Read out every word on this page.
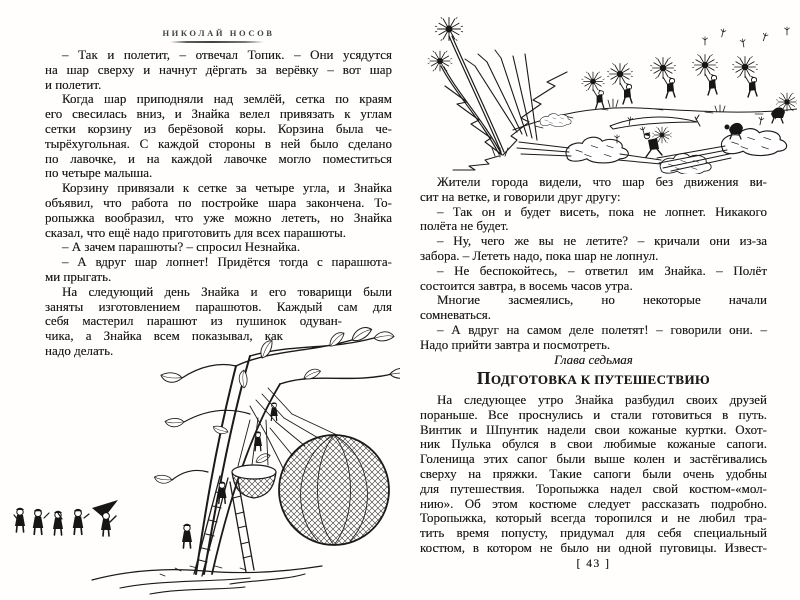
НИКОЛАЙ НОСОВ
– Так и полетит, – отвечал Топик. – Они усядутся
на шар сверху и начнут дёргать за верёвку – вот шар
и полетит.
Когда шар приподняли над землёй, сетка по краям
его свесилась вниз, и Знайка велел привязать к углам
сетки корзину из берёзовой коры. Корзина была че-
тырёхугольная. С каждой стороны в ней было сделано
по лавочке, и на каждой лавочке могло поместиться
по четыре малыша.
Корзину привязали к сетке за четыре угла, и Знайка
объявил, что работа по постройке шара закончена. То-
ропыжка вообразил, что уже можно лететь, но Знайка
сказал, что ещё надо приготовить для всех парашюты.
– А зачем парашюты? – спросил Незнайка.
– А вдруг шар лопнет! Придётся тогда с парашюта-
ми прыгать.
На следующий день Знайка и его товарищи были
заняты изготовлением парашютов. Каждый сам для
себя мастерил парашют из пушинок одуван-
чика, а Знайка всем показывал, как
надо делать.
Жители города видели, что шар без движения ви-
сит на ветке, и говорили друг другу:
– Так он и будет висеть, пока не лопнет. Никакого
полёта не будет.
– Ну, чего же вы не летите? – кричали они из-за
забора. – Лететь надо, пока шар не лопнул.
– Не беспокойтесь, – ответил им Знайка. – Полёт
состоится завтра, в восемь часов утра.
Многие засмеялись, но некоторые начали
сомневаться.
– А вдруг на самом деле полетят! – говорили они. –
Надо прийти завтра и посмотреть.
Глава седьмая
ПОДГОТОВКА К ПУТЕШЕСТВИЮ
На следующее утро Знайка разбудил своих друзей
пораньше. Все проснулись и стали готовиться в путь.
Винтик и Шпунтик надели свои кожаные куртки. Охот-
ник Пулька обулся в свои любимые кожаные сапоги.
Голенища этих сапог были выше колен и застёгивались
сверху на пряжки. Такие сапоги были очень удобны
для путешествия. Торопыжка надел свой костюм-«мол-
нию». Об этом костюме следует рассказать подробно.
Торопыжка, который всегда торопился и не любил тра-
тить время попусту, придумал для себя специальный
костюм, в котором не было ни одной пуговицы. Извест-
[ 43 ]
